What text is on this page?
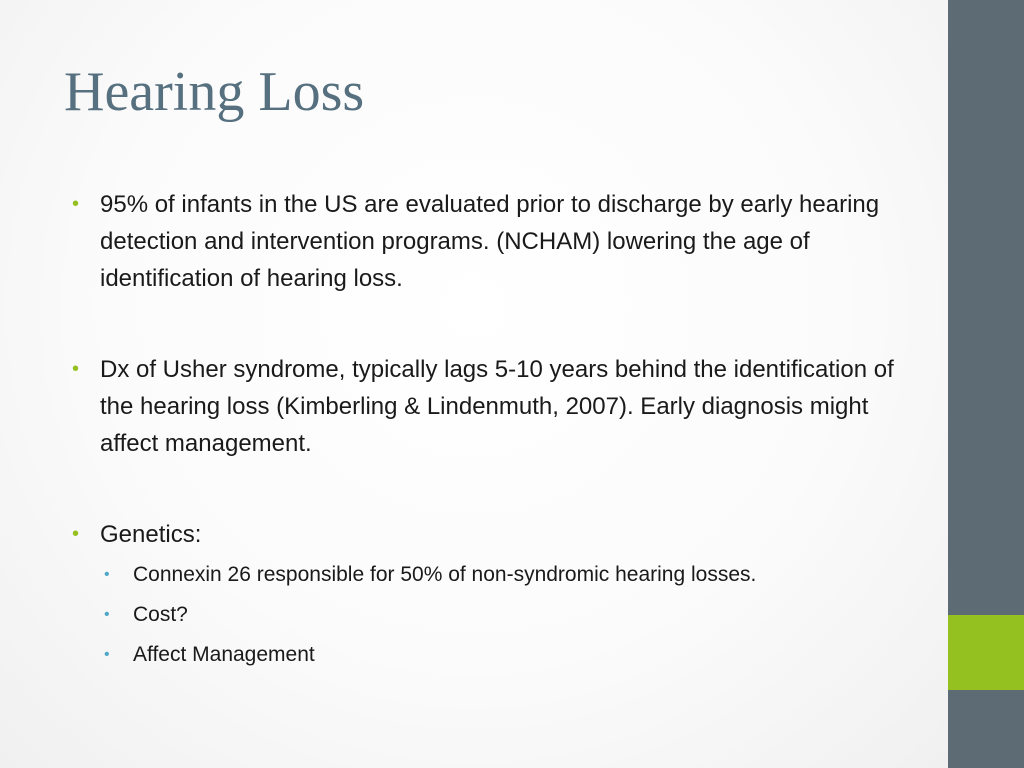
Hearing Loss
• 95% of infants in the US are evaluated prior to discharge by early hearing detection and intervention programs. (NCHAM) lowering the age of identification of hearing loss.
• Dx of Usher syndrome, typically lags 5-10 years behind the identification of the hearing loss (Kimberling & Lindenmuth, 2007). Early diagnosis might affect management.
• Genetics:
•	Connexin 26 responsible for 50% of non-syndromic hearing losses.
•	Cost?
•	Affect Management
